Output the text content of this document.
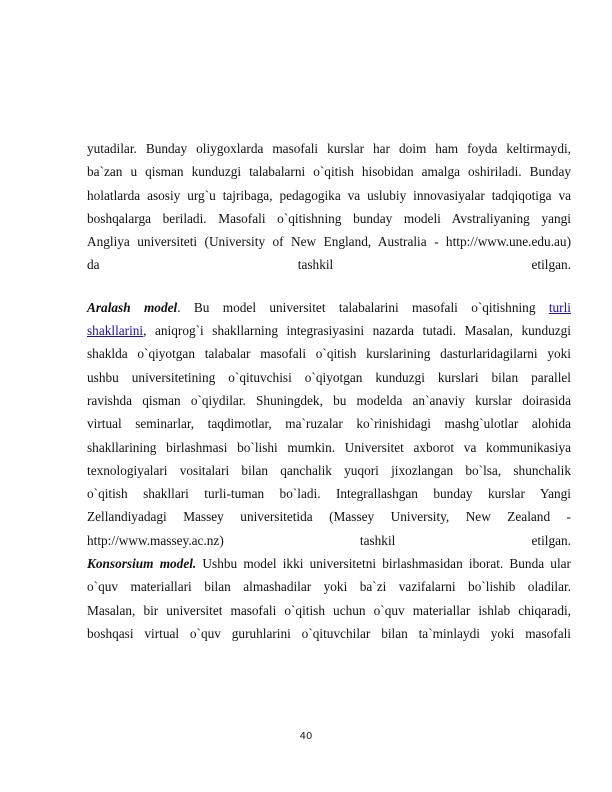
yutadilar. Bunday oliygoxlarda masofali kurslar har doim ham foyda keltirmaydi,
ba`zan u qisman kunduzgi talabalarni o`qitish hisobidan amalga oshiriladi. Bunday
holatlarda asosiy urg`u tajribaga, pedagogika va uslubiy innovasiyalar tadqiqotiga va
boshqalarga beriladi. Masofali o`qitishning bunday modeli Avstraliyaning yangi
Angliya universiteti (University of New England, Australia - http://www.une.edu.au)
da tashkil etilgan.
Aralash model. Bu model universitet talabalarini masofali o`qitishning turli
shakllarini, aniqrog`i shakllarning integrasiyasini nazarda tutadi. Masalan, kunduzgi
shaklda o`qiyotgan talabalar masofali o`qitish kurslarining dasturlaridagilarni yoki
ushbu universitetining o`qituvchisi o`qiyotgan kunduzgi kurslari bilan parallel
ravishda qisman o`qiydilar. Shuningdek, bu modelda an`anaviy kurslar doirasida
virtual seminarlar, taqdimotlar, ma`ruzalar ko`rinishidagi mashg`ulotlar alohida
shakllarining birlashmasi bo`lishi mumkin. Universitet axborot va kommunikasiya
texnologiyalari vositalari bilan qanchalik yuqori jixozlangan bo`lsa, shunchalik
o`qitish shakllari turli-tuman bo`ladi. Integrallashgan bunday kurslar Yangi
Zellandiyadagi Massey universitetida (Massey University, New Zealand -
http://www.massey.ac.nz) tashkil etilgan.
Konsorsium model. Ushbu model ikki universitetni birlashmasidan iborat. Bunda ular
o`quv materiallari bilan almashadilar yoki ba`zi vazifalarni bo`lishib oladilar.
Masalan, bir universitet masofali o`qitish uchun o`quv materiallar ishlab chiqaradi,
boshqasi virtual o`quv guruhlarini o`qituvchilar bilan ta`minlaydi yoki masofali
40
